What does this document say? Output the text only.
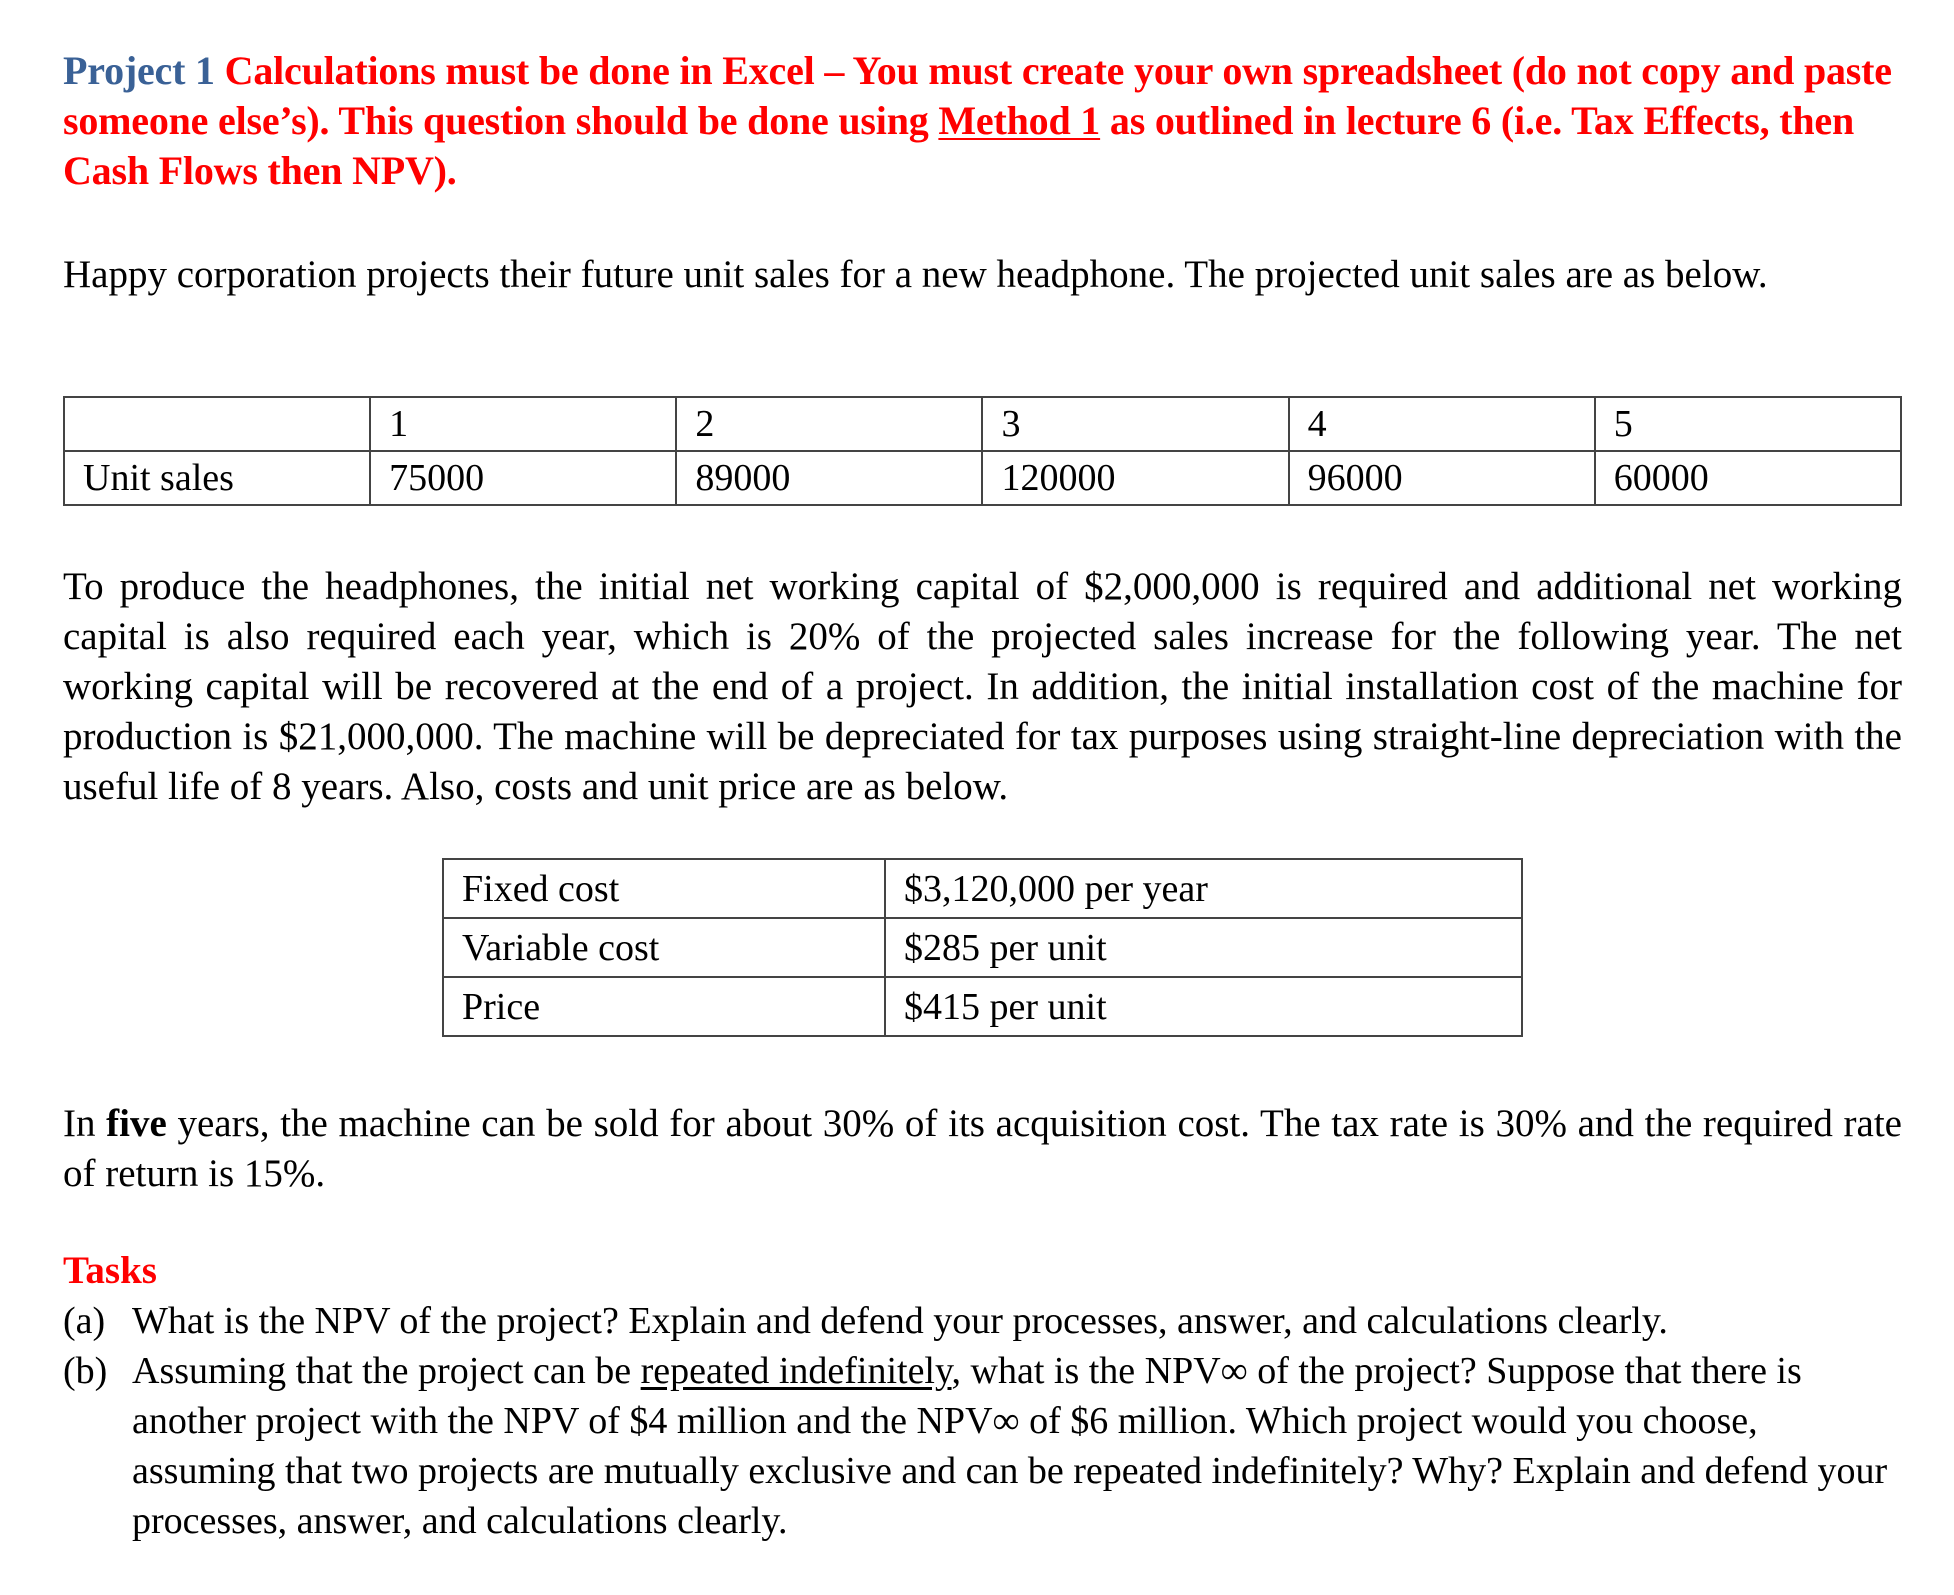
Project 1 Calculations must be done in Excel – You must create your own spreadsheet (do not copy and paste someone else’s). This question should be done using Method 1 as outlined in lecture 6 (i.e. Tax Effects, then Cash Flows then NPV).
Happy corporation projects their future unit sales for a new headphone. The projected unit sales are as below.
	1	2	3	4	5
Unit sales	75000	89000	120000	96000	60000
To produce the headphones, the initial net working capital of $2,000,000 is required and additional net working capital is also required each year, which is 20% of the projected sales increase for the following year. The net working capital will be recovered at the end of a project. In addition, the initial installation cost of the machine for production is $21,000,000. The machine will be depreciated for tax purposes using straight-line depreciation with the useful life of 8 years. Also, costs and unit price are as below.
Fixed cost	$3,120,000 per year
Variable cost	$285 per unit
Price	$415 per unit
In five years, the machine can be sold for about 30% of its acquisition cost. The tax rate is 30% and the required rate of return is 15%.
Tasks
(a) What is the NPV of the project? Explain and defend your processes, answer, and calculations clearly.
(b) Assuming that the project can be repeated indefinitely, what is the NPV∞ of the project? Suppose that there is another project with the NPV of $4 million and the NPV∞ of $6 million. Which project would you choose, assuming that two projects are mutually exclusive and can be repeated indefinitely? Why? Explain and defend your processes, answer, and calculations clearly.
